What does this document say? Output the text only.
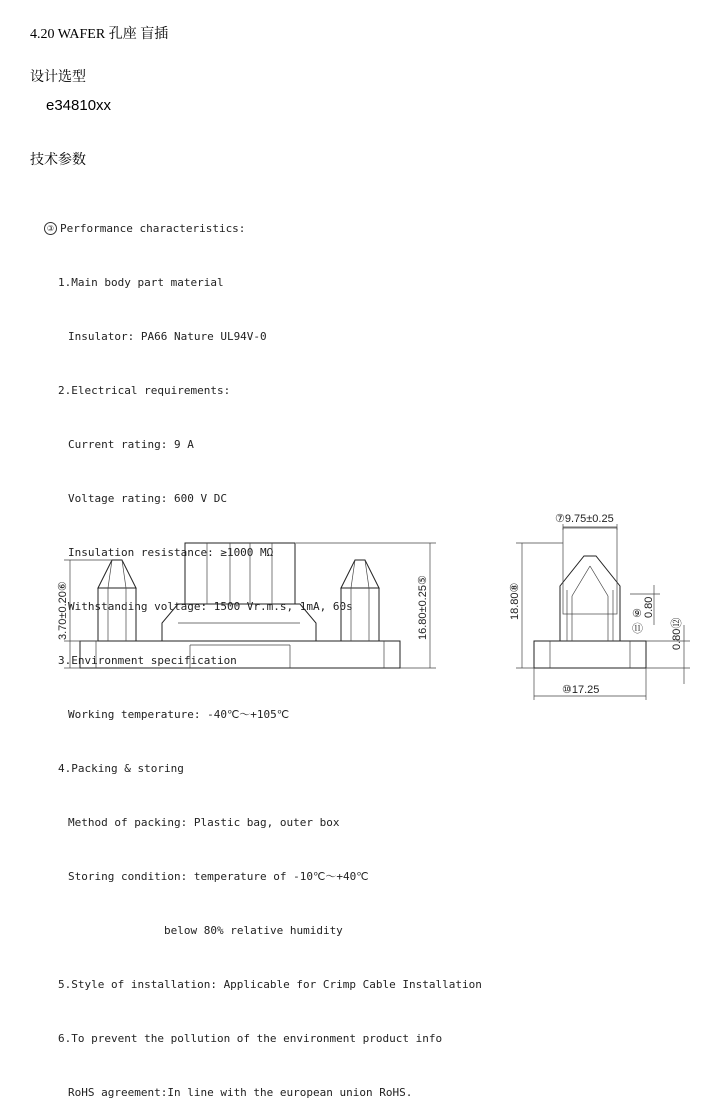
4.20 WAFER 孔座 盲插
设计选型
e34810xx
技术参数

③ Performance characteristics:

1.Main body part material

Insulator: PA66 Nature UL94V-0

2.Electrical requirements:

Current rating: 9 A

Voltage rating: 600 V DC

Insulation resistance: ≥1000 MΩ

Withstanding voltage: 1500 Vr.m.s, 1mA, 60s

3.Environment specification

Working temperature: -40℃～+105℃

4.Packing & storing

Method of packing: Plastic bag, outer box

Storing condition: temperature of -10℃～+40℃

below 80% relative humidity

5.Style of installation: Applicable for Crimp Cable Installation

6.To prevent the pollution of the environment product info

RoHS agreement:In line with the european union RoHS.

3.70±0.20⑥	16.80±0.25⑤
⑦9.75±0.25
18.80⑧	⑨ 0.80
⑪	0.80⑫
⑩17.25
